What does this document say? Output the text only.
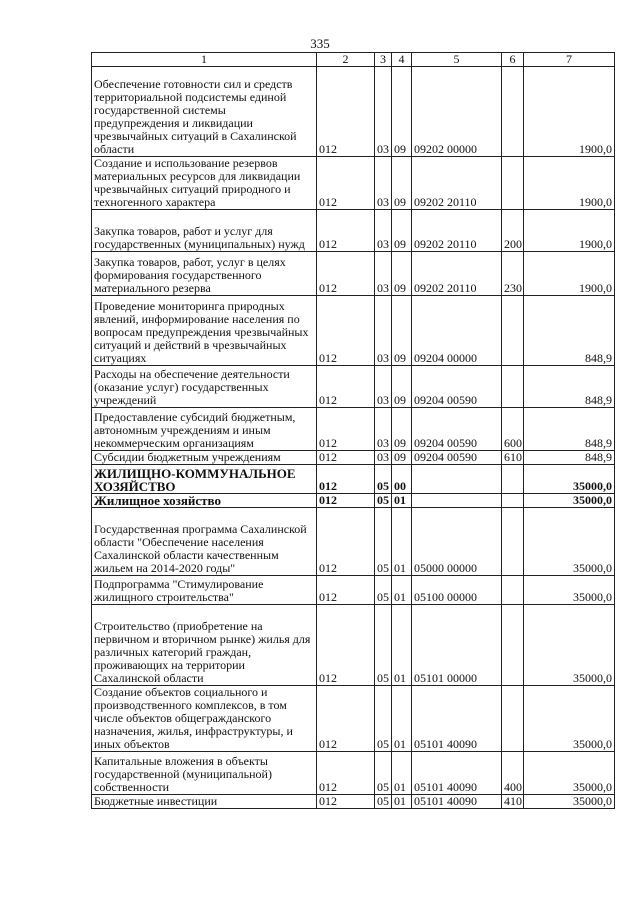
335
1	2	3	4	5	6	7
Обеспечение готовности сил и средств территориальной подсистемы единой государственной системы предупреждения и ликвидации чрезвычайных ситуаций в Сахалинской области	012	03	09	09202 00000		1900,0
Создание и использование резервов материальных ресурсов для ликвидации чрезвычайных ситуаций природного и техногенного характера	012	03	09	09202 20110		1900,0
Закупка товаров, работ и услуг для государственных (муниципальных) нужд	012	03	09	09202 20110	200	1900,0
Закупка товаров, работ, услуг в целях формирования государственного материального резерва	012	03	09	09202 20110	230	1900,0
Проведение мониторинга природных явлений, информирование населения по вопросам предупреждения чрезвычайных ситуаций и действий в чрезвычайных ситуациях	012	03	09	09204 00000		848,9
Расходы на обеспечение деятельности (оказание услуг) государственных учреждений	012	03	09	09204 00590		848,9
Предоставление субсидий бюджетным, автономным учреждениям и иным некоммерческим организациям	012	03	09	09204 00590	600	848,9
Субсидии бюджетным учреждениям	012	03	09	09204 00590	610	848,9
ЖИЛИЩНО-КОММУНАЛЬНОЕ ХОЗЯЙСТВО	012	05	00			35000,0
Жилищное хозяйство	012	05	01			35000,0
Государственная программа Сахалинской области "Обеспечение населения Сахалинской области качественным жильем на 2014-2020 годы"	012	05	01	05000 00000		35000,0
Подпрограмма "Стимулирование жилищного строительства"	012	05	01	05100 00000		35000,0
Строительство (приобретение на первичном и вторичном рынке) жилья для различных категорий граждан, проживающих на территории Сахалинской области	012	05	01	05101 00000		35000,0
Создание объектов социального и производственного комплексов, в том числе объектов общегражданского назначения, жилья, инфраструктуры, и иных объектов	012	05	01	05101 40090		35000,0
Капитальные вложения в объекты государственной (муниципальной) собственности	012	05	01	05101 40090	400	35000,0
Бюджетные инвестиции	012	05	01	05101 40090	410	35000,0
